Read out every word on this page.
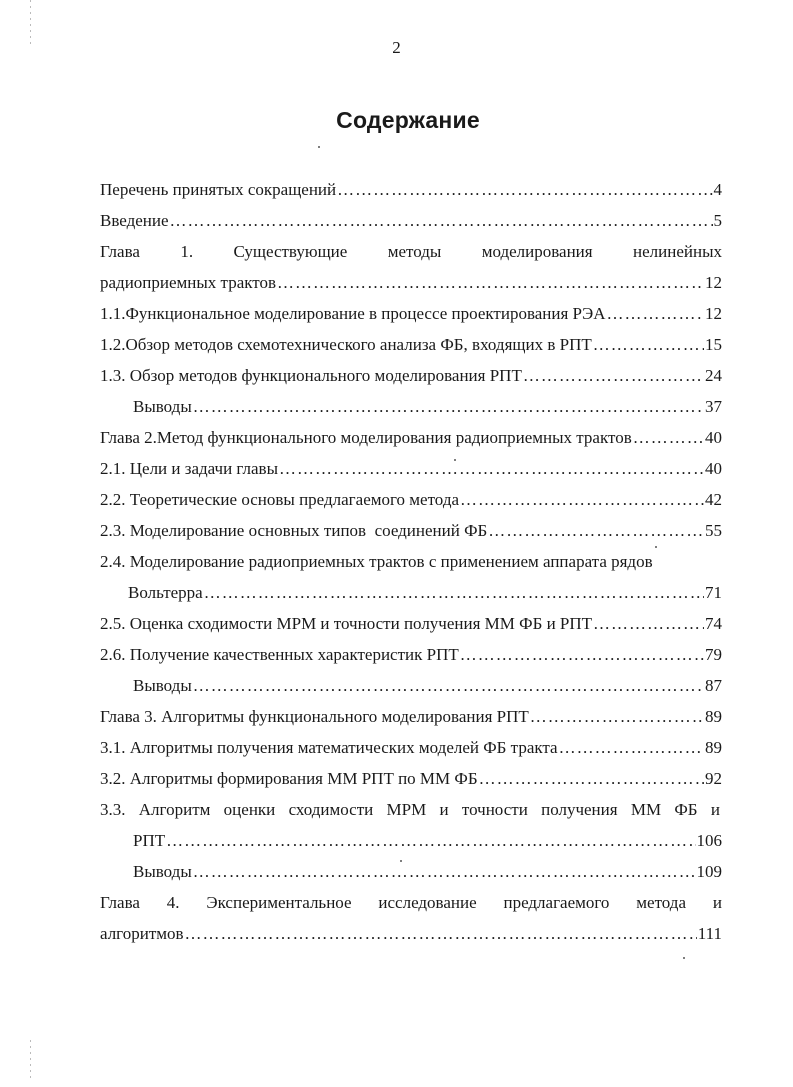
2
Содержание
Перечень принятых сокращений ………………………………………………………………………………………………………………………………………………………………	4
Введение ………………………………………………………………………………………………………………………………………………………………	5
Глава 1. Существующие методы моделирования нелинейных
радиоприемных трактов ………………………………………………………………………………………………………………………………………………………………	12
1.1.Функциональное моделирование в процессе проектирования РЭА ………………………………………………………………………………………………………………………………………………………………	12
1.2.Обзор методов схемотехнического анализа ФБ, входящих в РПТ ………………………………………………………………………………………………………………………………………………………………	15
1.3. Обзор методов функционального моделирования РПТ ………………………………………………………………………………………………………………………………………………………………	24
Выводы ………………………………………………………………………………………………………………………………………………………………	37
Глава 2.Метод функционального моделирования радиоприемных трактов ………………………………………………………………………………………………………………………………………………………………	40
2.1. Цели и задачи главы ………………………………………………………………………………………………………………………………………………………………	40
2.2. Теоретические основы предлагаемого метода ………………………………………………………………………………………………………………………………………………………………	42
2.3. Моделирование основных типов  соединений ФБ ………………………………………………………………………………………………………………………………………………………………	55
2.4. Моделирование радиоприемных трактов с применением аппарата рядов
Вольтерра ………………………………………………………………………………………………………………………………………………………………	71
2.5. Оценка сходимости МРМ и точности получения ММ ФБ и РПТ ………………………………………………………………………………………………………………………………………………………………	74
2.6. Получение качественных характеристик РПТ ………………………………………………………………………………………………………………………………………………………………	79
Выводы ………………………………………………………………………………………………………………………………………………………………	87
Глава 3. Алгоритмы функционального моделирования РПТ ………………………………………………………………………………………………………………………………………………………………	89
3.1. Алгоритмы получения математических моделей ФБ тракта ………………………………………………………………………………………………………………………………………………………………	89
3.2. Алгоритмы формирования ММ РПТ по ММ ФБ ………………………………………………………………………………………………………………………………………………………………	92
3.3. Алгоритм оценки сходимости МРМ и точности получения ММ ФБ и
РПТ ………………………………………………………………………………………………………………………………………………………………	106
Выводы ………………………………………………………………………………………………………………………………………………………………	109
Глава 4. Экспериментальное исследование предлагаемого метода и
алгоритмов ………………………………………………………………………………………………………………………………………………………………	111
